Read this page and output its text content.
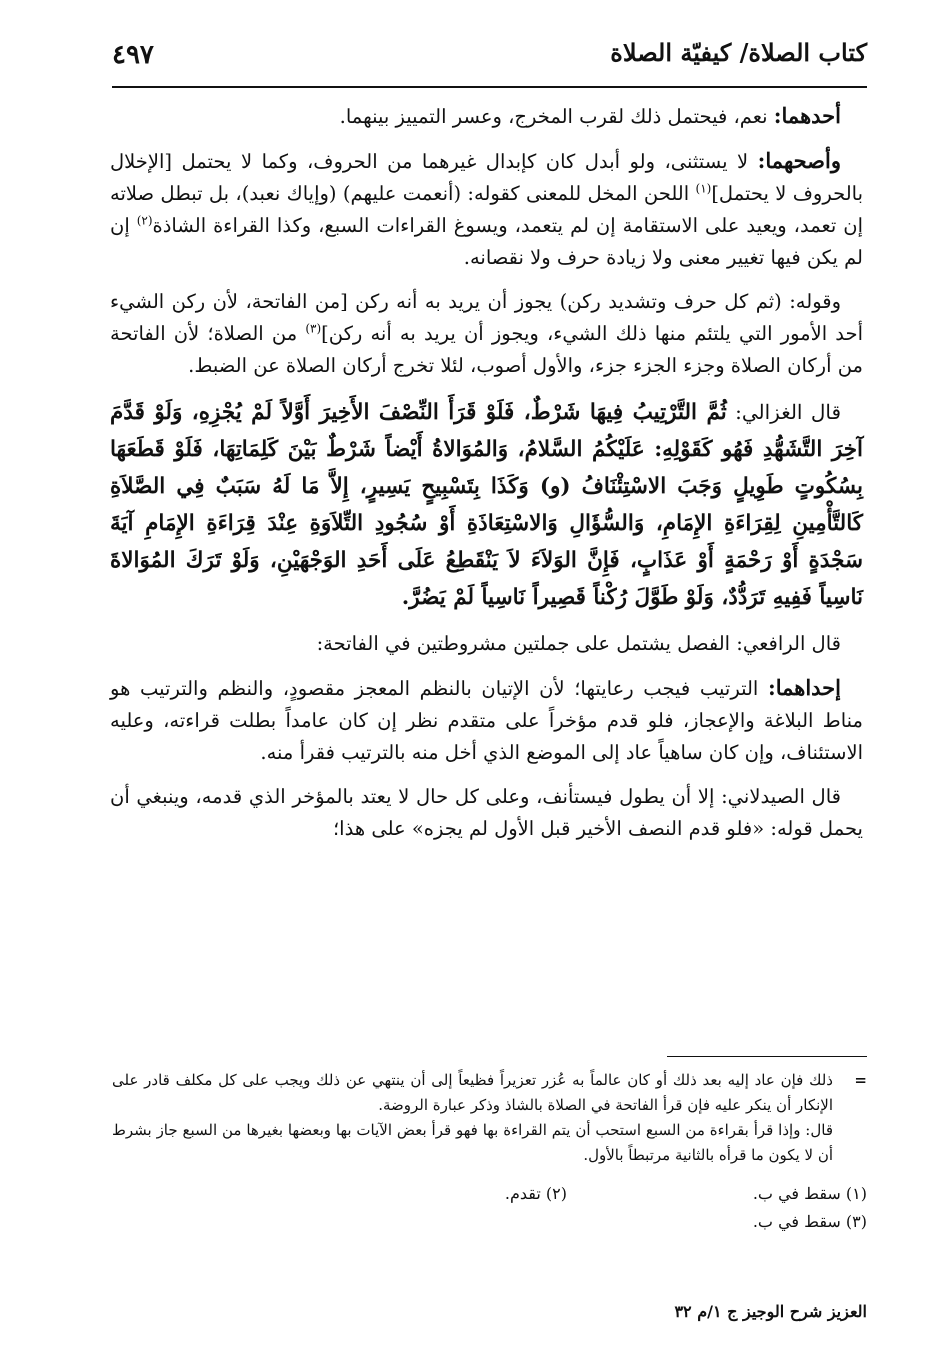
كتاب الصلاة/ كيفيّة الصلاة
٤٩٧

أحدهما: نعم، فيحتمل ذلك لقرب المخرج، وعسر التمييز بينهما.

وأصحهما: لا يستثنى، ولو أبدل كان كإبدال غيرهما من الحروف، وكما لا يحتمل [الإخلال بالحروف لا يحتمل]$^{(١)}$ اللحن المخل للمعنى كقوله: (أنعمت عليهم) (وإياك نعبد)، بل تبطل صلاته إن تعمد، ويعيد على الاستقامة إن لم يتعمد، ويسوغ القراءات السبع، وكذا القراءة الشاذة$^{(٢)}$ إن لم يكن فيها تغيير معنى ولا زيادة حرف ولا نقصانه.

وقوله: (ثم كل حرف وتشديد ركن) يجوز أن يريد به أنه ركن [من الفاتحة، لأن ركن الشيء أحد الأمور التي يلتئم منها ذلك الشيء، ويجوز أن يريد به أنه ركن]$^{(٣)}$ من الصلاة؛ لأن الفاتحة من أركان الصلاة وجزء الجزء جزء، والأول أصوب، لئلا تخرج أركان الصلاة عن الضبط.

قال الغزالي: ثُمَّ التَّرْتِيبُ فِيهَا شَرْطٌ، فَلَوْ قَرَأَ النِّصْفَ الأَخِيرَ أَوَّلاً لَمْ يُجْزِهِ، وَلَوْ قَدَّمَ آخِرَ التَّشَهُّدِ فَهُو كَقَوْلِهِ: عَلَيْكُمُ السَّلامُ، وَالمُوَالاةُ أَيْضاً شَرْطٌ بَيْنَ كَلِمَاتِهَا، فَلَوْ قَطَعَهَا بِسُكُوتٍ طَوِيلٍ وَجَبَ الاسْتِئْنَافُ (و) وَكَذَا بِتَسْبِيحٍ يَسِيرٍ، إِلاَّ مَا لَهُ سَبَبٌ فِي الصَّلاَةِ كَالتَّأْمِينِ لِقِرَاءَةِ الإِمَامِ، وَالسُّؤَالِ وَالاسْتِعَاذَةِ أَوْ سُجُودِ التِّلاَوَةِ عِنْدَ قِرَاءَةِ الإِمَامِ آيَةَ سَجْدَةٍ أَوْ رَحْمَةٍ أَوْ عَذَابٍ، فَإِنَّ الوَلاَءَ لاَ يَنْقَطِعُ عَلَى أَحَدِ الوَجْهَيْنِ، وَلَوْ تَرَكَ المُوَالاةَ نَاسِياً فَفِيهِ تَرَدُّدٌ، وَلَوْ طَوَّلَ رُكْناً قَصِيراً نَاسِياً لَمْ يَضُرَّ.

قال الرافعي: الفصل يشتمل على جملتين مشروطتين في الفاتحة:

إحداهما: الترتيب فيجب رعايتها؛ لأن الإتيان بالنظم المعجز مقصودٍ، والنظم والترتيب هو مناط البلاغة والإعجاز، فلو قدم مؤخراً على متقدم نظر إن كان عامداً بطلت قراءته، وعليه الاستئناف، وإن كان ساهياً عاد إلى الموضع الذي أخل منه بالترتيب فقرأ منه.

قال الصيدلاني: إلا أن يطول فيستأنف، وعلى كل حال لا يعتد بالمؤخر الذي قدمه، وينبغي أن يحمل قوله: «فلو قدم النصف الأخير قبل الأول لم يجزه» على هذا؛

=

ذلك فإن عاد إليه بعد ذلك أو كان عالماً به عُزر تعزيراً فظيعاً إلى أن ينتهي عن ذلك ويجب على كل مكلف قادر على الإنكار أن ينكر عليه فإن قرأ الفاتحة في الصلاة بالشاذ وذكر عبارة الروضة.

قال: وإذا قرأ بقراءة من السبع استحب أن يتم القراءة بها فهو قرأ بعض الآيات بها وبعضها بغيرها من السبع جاز بشرط أن لا يكون ما قرأه بالثانية مرتبطاً بالأول.

(١) سقط في ب.
(٢) تقدم.
(٣) سقط في ب.
العزيز شرح الوجيز ج ١/م ٣٢
